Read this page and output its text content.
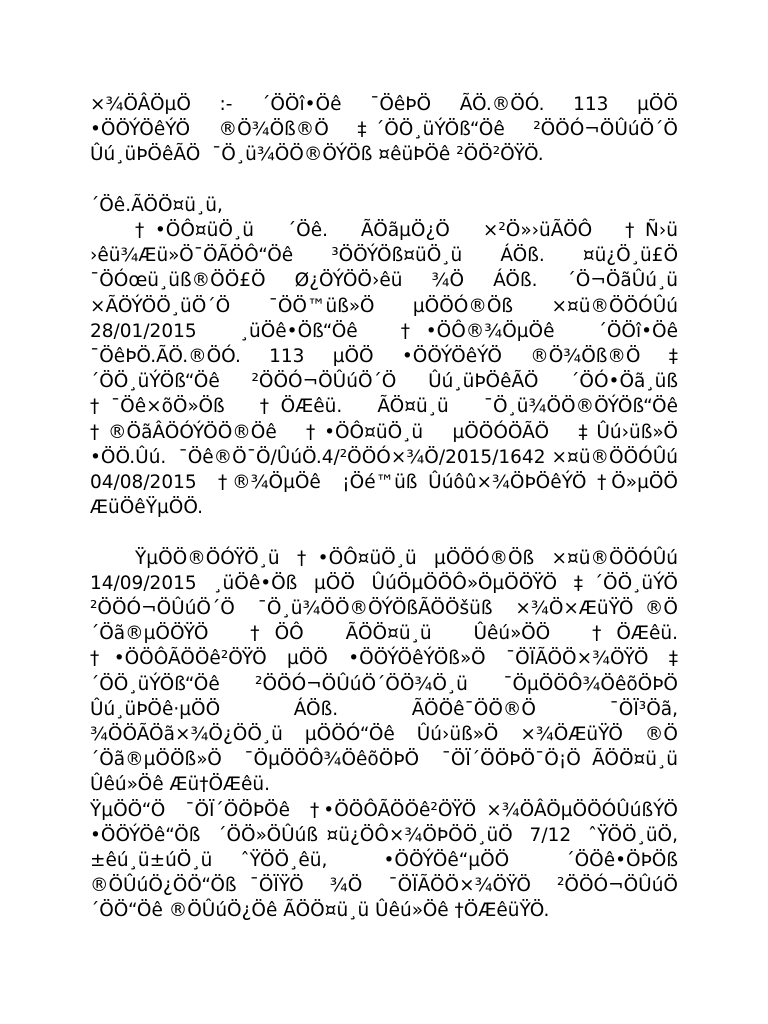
×¾ÖÂÖµÖ  :-  ´ÖÖî•Öê  ¯ÖêÞÖ  ÃÖ.®ÖÓ.  113  µÖÖ •ÖÖÝÖêÝÖ  ®Ö¾Öß®Ö  ‡´ÖÖ¸üÝÖß“Öê  ²ÖÖÓ¬ÖÛúÖ´Ö Ûú¸üÞÖêÃÖ  ¯Ö¸ü¾ÖÖ®ÖÝÖß ¤êüÞÖê ²ÖÖ²ÖŸÖ.

´Öê.ÃÖÖ¤ü¸ü,

†•ÖÔ¤üÖ¸ü  ´Öê.  ÃÖãµÖ¿Ö  ×²Ö»›üÃÖÔ  †Ñ›ü ›êü¾Æü»Ö¯ÖÃÖÔ“Öê  ³ÖÖÝÖß¤üÖ¸ü  ÁÖß.  ¤ü¿Ö¸ü£Ö ¯ÖÓœü¸üß®ÖÖ£Ö  Ø¿ÖÝÖÖ›êü  ¾Ö  ÁÖß.  ´Ö¬ÖãÛú¸ü ×ÃÖÝÖÖ¸üÖ´Ö  ¯ÖÖ™üß»Ö  µÖÖÓ®Öß  ×¤ü®ÖÖÓÛú 28/01/2015  ¸üÖê•Öß“Öê  †•ÖÔ®¾ÖµÖê  ´ÖÖî•Öê ¯ÖêÞÖ.ÃÖ.®ÖÓ.  113  µÖÖ  •ÖÖÝÖêÝÖ  ®Ö¾Öß®Ö  ‡´ÖÖ¸üÝÖß“Öê  ²ÖÖÓ¬ÖÛúÖ´Ö  Ûú¸üÞÖêÃÖ  ´ÖÓ•Öã¸üß †¯Öê×õÖ»Öß  †ÖÆêü.  ÃÖ¤ü¸ü  ¯Ö¸ü¾ÖÖ®ÖÝÖß“Öê †®ÖãÂÖÓÝÖÖ®Öê  †•ÖÔ¤üÖ¸ü  µÖÖÓÖÃÖ  ‡Ûú›üß»Ö •ÖÖ.Ûú.  ¯Öê®Ö¯Ö/ÛúÖ.4/²ÖÖÓ×¾Ö/2015/1642 ×¤ü®ÖÖÓÛú  04/08/2015  †®¾ÖµÖê  ¡Öé™üß Ûúôû×¾ÖÞÖêÝÖ †Ö»µÖÖ ÆüÖêŸµÖÖ.

ŸµÖÖ®ÖÓŸÖ¸ü †•ÖÔ¤üÖ¸ü µÖÖÓ®Öß ×¤ü®ÖÖÓÛú 14/09/2015 ¸üÖê•Öß µÖÖ ÛúÖµÖÖÔ»ÖµÖÖŸÖ ‡´ÖÖ¸üÝÖ ²ÖÖÓ¬ÖÛúÖ´Ö  ¯Ö¸ü¾ÖÖ®ÖÝÖßÃÖÖšüß  ×¾Ö×ÆüŸÖ ®Ö´Öã®µÖÖŸÖ  †ÖÔ  ÃÖÖ¤ü¸ü  Ûêú»ÖÖ  †ÖÆêü. †•ÖÖÔÃÖÖê²ÖŸÖ µÖÖ •ÖÖÝÖêÝÖß»Ö ¯ÖÏÃÖÖ×¾ÖŸÖ ‡´ÖÖ¸üÝÖß“Öê  ²ÖÖÓ¬ÖÛúÖ´ÖÖ¾Ö¸ü  ¯ÖµÖÖÔ¾ÖêõÖÞÖ Ûú¸üÞÖê·µÖÖ  ÁÖß.  ÃÖÖê¯ÖÖ®Ö  ¯ÖÏ³Öã, ¾ÖÖÃÖã×¾Ö¿ÖÖ¸ü µÖÖÓ“Öê Ûú›üß»Ö ×¾ÖÆüŸÖ ®Ö´Öã®µÖÖß»Ö  ¯ÖµÖÖÔ¾ÖêõÖÞÖ  ¯ÖÏ´ÖÖÞÖ¯Ö¡Ö ÃÖÖ¤ü¸ü Ûêú»Öê Æü†ÖÆêü.

ŸµÖÖ“Ö  ¯ÖÏ´ÖÖÞÖê  †•ÖÖÔÃÖÖê²ÖŸÖ ×¾ÖÂÖµÖÖÓÛúßÝÖ  •ÖÖÝÖê“Öß  ´ÖÖ»ÖÛúß ¤ü¿ÖÔ×¾ÖÞÖÖ¸üÖ  7/12  ˆŸÖÖ¸üÖ,  ±êú¸ü±úÖ¸ü ˆŸÖÖ¸êü,  •ÖÖÝÖê“µÖÖ  ´ÖÖê•ÖÞÖß  ®ÖÛúÖ¿ÖÖ“Öß ¯ÖÏŸÖ  ¾Ö  ¯ÖÏÃÖÖ×¾ÖŸÖ  ²ÖÖÓ¬ÖÛúÖ´ÖÖ“Öê ®ÖÛúÖ¿Öê ÃÖÖ¤ü¸ü Ûêú»Öê †ÖÆêüŸÖ.
